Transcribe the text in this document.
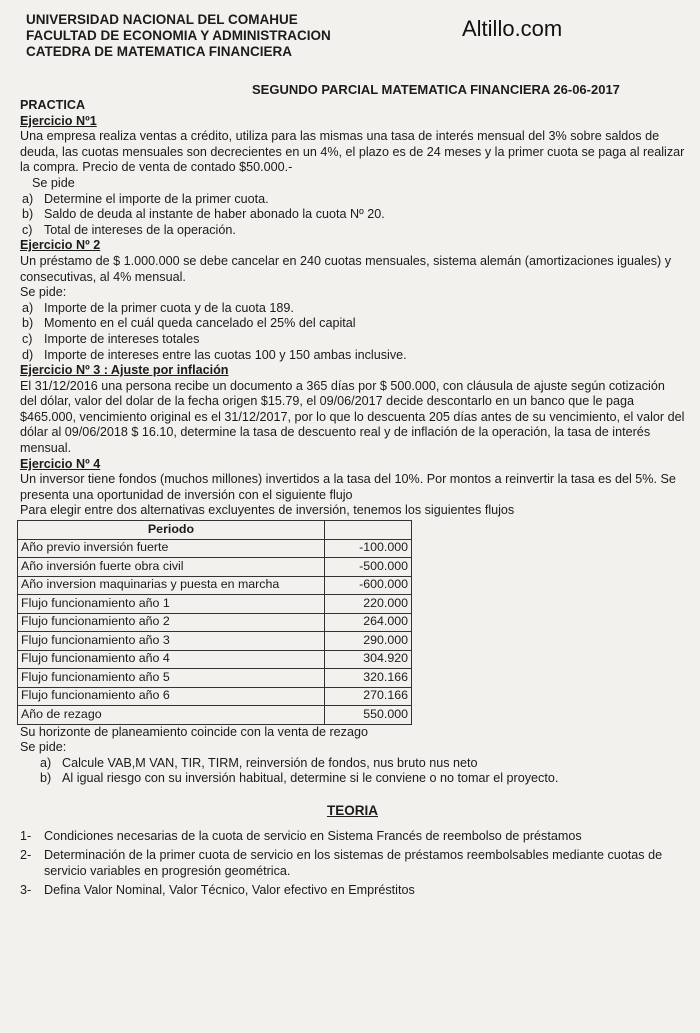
UNIVERSIDAD NACIONAL DEL COMAHUE
FACULTAD DE ECONOMIA Y ADMINISTRACION
CATEDRA DE MATEMATICA FINANCIERA
Altillo.com
SEGUNDO PARCIAL MATEMATICA FINANCIERA 26-06-2017

PRACTICA

Ejercicio Nº1

Una empresa realiza ventas a crédito, utiliza para las mismas una tasa de interés mensual del 3% sobre saldos de deuda, las cuotas mensuales son decrecientes en un 4%, el plazo es de 24 meses y la primer cuota se paga al realizar la compra. Precio de venta de contado $50.000.-

Se pide

a) Determine el importe de la primer cuota.

b) Saldo de deuda al instante de haber abonado la cuota Nº 20.

c) Total de intereses de la operación.

Ejercicio Nº 2

Un préstamo de $ 1.000.000 se debe cancelar en 240 cuotas mensuales, sistema alemán (amortizaciones iguales) y consecutivas, al 4% mensual.

Se pide:

a) Importe de la primer cuota y de la cuota 189.

b) Momento en el cuál queda cancelado el 25% del capital

c) Importe de intereses totales

d) Importe de intereses entre las cuotas 100 y 150 ambas inclusive.

Ejercicio Nº 3 : Ajuste por inflación

El 31/12/2016 una persona recibe un documento a 365 días por $ 500.000, con cláusula de ajuste según cotización del dólar, valor del dolar de la fecha origen $15.79, el 09/06/2017 decide descontarlo en un banco que le paga $465.000, vencimiento original es el 31/12/2017, por lo que lo descuenta 205 días antes de su vencimiento, el valor del dólar al 09/06/2018 $ 16.10, determine la tasa de descuento real y de inflación de la operación, la tasa de interés mensual.

Ejercicio Nº 4

Un inversor tiene fondos (muchos millones) invertidos a la tasa del 10%. Por montos a reinvertir la tasa es del 5%. Se presenta una oportunidad de inversión con el siguiente flujo

Para elegir entre dos alternativas excluyentes de inversión, tenemos los siguientes flujos

Periodo	
Año previo inversión fuerte	-100.000
Año inversión fuerte obra civil	-500.000
Año inversion maquinarias y puesta en marcha	-600.000
Flujo funcionamiento año 1	220.000
Flujo funcionamiento año 2	264.000
Flujo funcionamiento año 3	290.000
Flujo funcionamiento año 4	304.920
Flujo funcionamiento año 5	320.166
Flujo funcionamiento año 6	270.166
Año de rezago	550.000

Su horizonte de planeamiento coincide con la venta de rezago

Se pide:

a) Calcule VAB,M VAN, TIR, TIRM, reinversión de fondos, nus bruto nus neto

b) Al igual riesgo con su inversión habitual, determine si le conviene o no tomar el proyecto.

TEORIA
1-	Condiciones necesarias de la cuota de servicio en Sistema Francés de reembolso de préstamos
2-	Determinación de la primer cuota de servicio en los sistemas de préstamos reembolsables mediante cuotas de servicio variables en progresión geométrica.
3-	Defina Valor Nominal, Valor Técnico, Valor efectivo en Empréstitos
